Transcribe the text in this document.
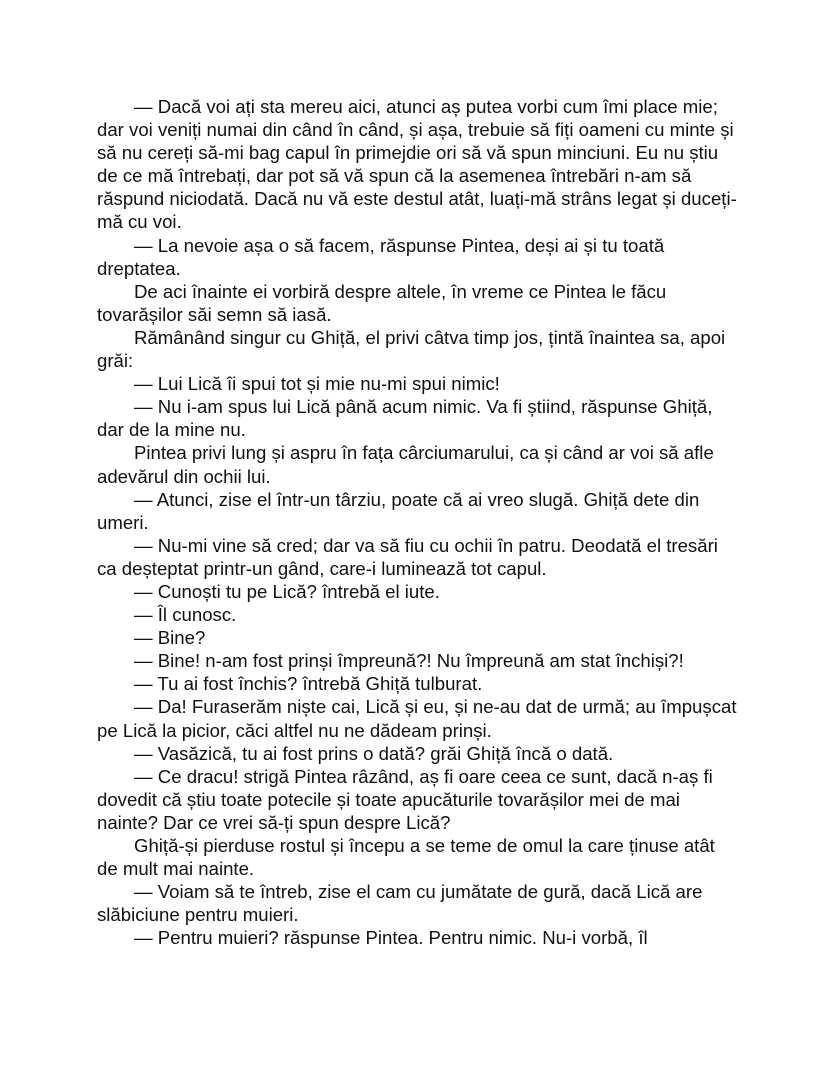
— Dacă voi ați sta mereu aici, atunci aș putea vorbi cum îmi place mie; dar voi veniți numai din când în când, și așa, trebuie să fiți oameni cu minte și să nu cereți să-mi bag capul în primejdie ori să vă spun minciuni. Eu nu știu de ce mă întrebați, dar pot să vă spun că la asemenea întrebări n-am să răspund niciodată. Dacă nu vă este destul atât, luați-mă strâns legat și duceți-mă cu voi.

— La nevoie așa o să facem, răspunse Pintea, deși ai și tu toată dreptatea.

De aci înainte ei vorbiră despre altele, în vreme ce Pintea le făcu tovarășilor săi semn să iasă.

Rămânând singur cu Ghiță, el privi câtva timp jos, țintă înaintea sa, apoi grăi:

— Lui Lică îi spui tot și mie nu-mi spui nimic!

— Nu i-am spus lui Lică până acum nimic. Va fi știind, răspunse Ghiță, dar de la mine nu.

Pintea privi lung și aspru în fața cârciumarului, ca și când ar voi să afle adevărul din ochii lui.

— Atunci, zise el într-un târziu, poate că ai vreo slugă. Ghiță dete din umeri.

— Nu-mi vine să cred; dar va să fiu cu ochii în patru. Deodată el tresări ca deșteptat printr-un gând, care-i luminează tot capul.

— Cunoști tu pe Lică? întrebă el iute.

— Îl cunosc.

— Bine?

— Bine! n-am fost prinși împreună?! Nu împreună am stat închiși?!

— Tu ai fost închis? întrebă Ghiță tulburat.

— Da! Furaserăm niște cai, Lică și eu, și ne-au dat de urmă; au împușcat pe Lică la picior, căci altfel nu ne dădeam prinși.

— Vasăzică, tu ai fost prins o dată? grăi Ghiță încă o dată.

— Ce dracu! strigă Pintea râzând, aș fi oare ceea ce sunt, dacă n-aș fi dovedit că știu toate potecile și toate apucăturile tovarășilor mei de mai nainte? Dar ce vrei să-ți spun despre Lică?

Ghiță-și pierduse rostul și începu a se teme de omul la care ținuse atât de mult mai nainte.

— Voiam să te întreb, zise el cam cu jumătate de gură, dacă Lică are slăbiciune pentru muieri.

— Pentru muieri? răspunse Pintea. Pentru nimic. Nu-i vorbă, îl
